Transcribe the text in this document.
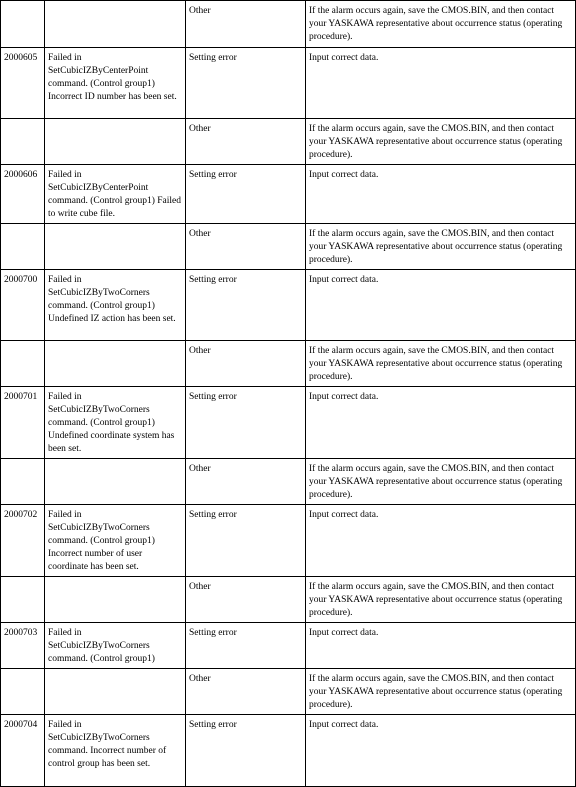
		Other	If the alarm occurs again, save the CMOS.BIN, and then contact your YASKAWA representative about occurrence status (operating procedure).
2000605	Failed in SetCubicIZByCenterPoint command. (Control group1) Incorrect ID number has been set.	Setting error	Input correct data.
		Other	If the alarm occurs again, save the CMOS.BIN, and then contact your YASKAWA representative about occurrence status (operating procedure).
2000606	Failed in SetCubicIZByCenterPoint command. (Control group1) Failed to write cube file.	Setting error	Input correct data.
		Other	If the alarm occurs again, save the CMOS.BIN, and then contact your YASKAWA representative about occurrence status (operating procedure).
2000700	Failed in SetCubicIZByTwoCorners command. (Control group1) Undefined IZ action has been set.	Setting error	Input correct data.
		Other	If the alarm occurs again, save the CMOS.BIN, and then contact your YASKAWA representative about occurrence status (operating procedure).
2000701	Failed in SetCubicIZByTwoCorners command. (Control group1) Undefined coordinate system has been set.	Setting error	Input correct data.
		Other	If the alarm occurs again, save the CMOS.BIN, and then contact your YASKAWA representative about occurrence status (operating procedure).
2000702	Failed in SetCubicIZByTwoCorners command. (Control group1) Incorrect number of user coordinate has been set.	Setting error	Input correct data.
		Other	If the alarm occurs again, save the CMOS.BIN, and then contact your YASKAWA representative about occurrence status (operating procedure).
2000703	Failed in SetCubicIZByTwoCorners command. (Control group1)	Setting error	Input correct data.
		Other	If the alarm occurs again, save the CMOS.BIN, and then contact your YASKAWA representative about occurrence status (operating procedure).
2000704	Failed in SetCubicIZByTwoCorners command. Incorrect number of control group has been set.	Setting error	Input correct data.
